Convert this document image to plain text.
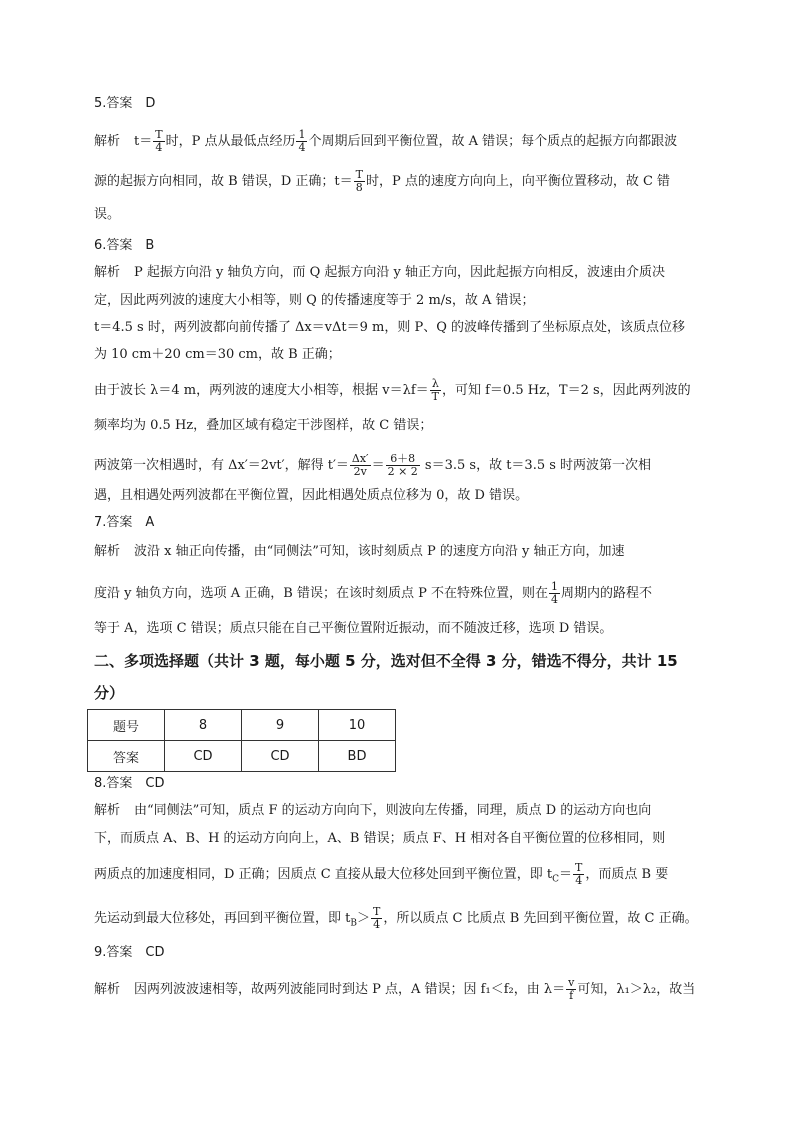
5.答案　D
解析 $t= \frac{T}{4}$ 时，P 点从最低点经历 $\frac{1}{4}$ 个周期后回到平衡位置，故 A 错误；每个质点的起振方向都跟波
源的起振方向相同，故 B 错误，D 正确；$t= \frac{T}{8}$ 时，P 点的速度方向向上，向平衡位置移动，故 C 错
误。
6.答案　B
解析 P 起振方向沿 y 轴负方向，而 Q 起振方向沿 y 轴正方向，因此起振方向相反，波速由介质决
定，因此两列波的速度大小相等，则 Q 的传播速度等于 2 m/s，故 A 错误；
t＝4.5 s 时，两列波都向前传播了 Δx＝vΔt＝9 m，则 P、Q 的波峰传播到了坐标原点处，该质点位移
为 10 cm＋20 cm＝30 cm，故 B 正确；
由于波长 λ＝4 m，两列波的速度大小相等，根据 $v=\lambda f= \frac{\lambda}{T}$ ，可知 f＝0.5 Hz，T＝2 s，因此两列波的
频率均为 0.5 Hz，叠加区域有稳定干涉图样，故 C 错误；
两波第一次相遇时，有 Δx′＝2vt′，解得 $t'= \frac{\Delta x'}{2v} = \frac{6+8}{2 \times 2} s=3.5$ s，故 t＝3.5 s 时两波第一次相
遇，且相遇处两列波都在平衡位置，因此相遇处质点位移为 0，故 D 错误。
7.答案　A
解析 波沿 x 轴正向传播，由“同侧法”可知，该时刻质点 P 的速度方向沿 y 轴正方向，加速
度沿 y 轴负方向，选项 A 正确，B 错误；在该时刻质点 P 不在特殊位置，则在 $\frac{1}{4}$ 周期内的路程不
等于 A，选项 C 错误；质点只能在自己平衡位置附近振动，而不随波迁移，选项 D 错误。
二、多项选择题（共计 3 题，每小题 5 分，选对但不全得 3 分，错选不得分，共计 15
分）
题号	8	9	10
答案	CD	CD	BD
8.答案　CD
解析 由“同侧法”可知，质点 F 的运动方向向下，则波向左传播，同理，质点 D 的运动方向也向
下，而质点 A、B、H 的运动方向向上，A、B 错误；质点 F、H 相对各自平衡位置的位移相同，则
两质点的加速度相同，D 正确；因质点 C 直接从最大位移处回到平衡位置，即 $t_C= \frac{T}{4}$ ，而质点 B 要
先运动到最大位移处，再回到平衡位置，即 $t_B> \frac{T}{4}$ ，所以质点 C 比质点 B 先回到平衡位置，故 C 正确。
9.答案　CD
解析 因两列波波速相等，故两列波能同时到达 P 点，A 错误；因 f₁＜f₂，由 $\lambda= \frac{v}{f}$ 可知，λ₁＞λ₂，故当
